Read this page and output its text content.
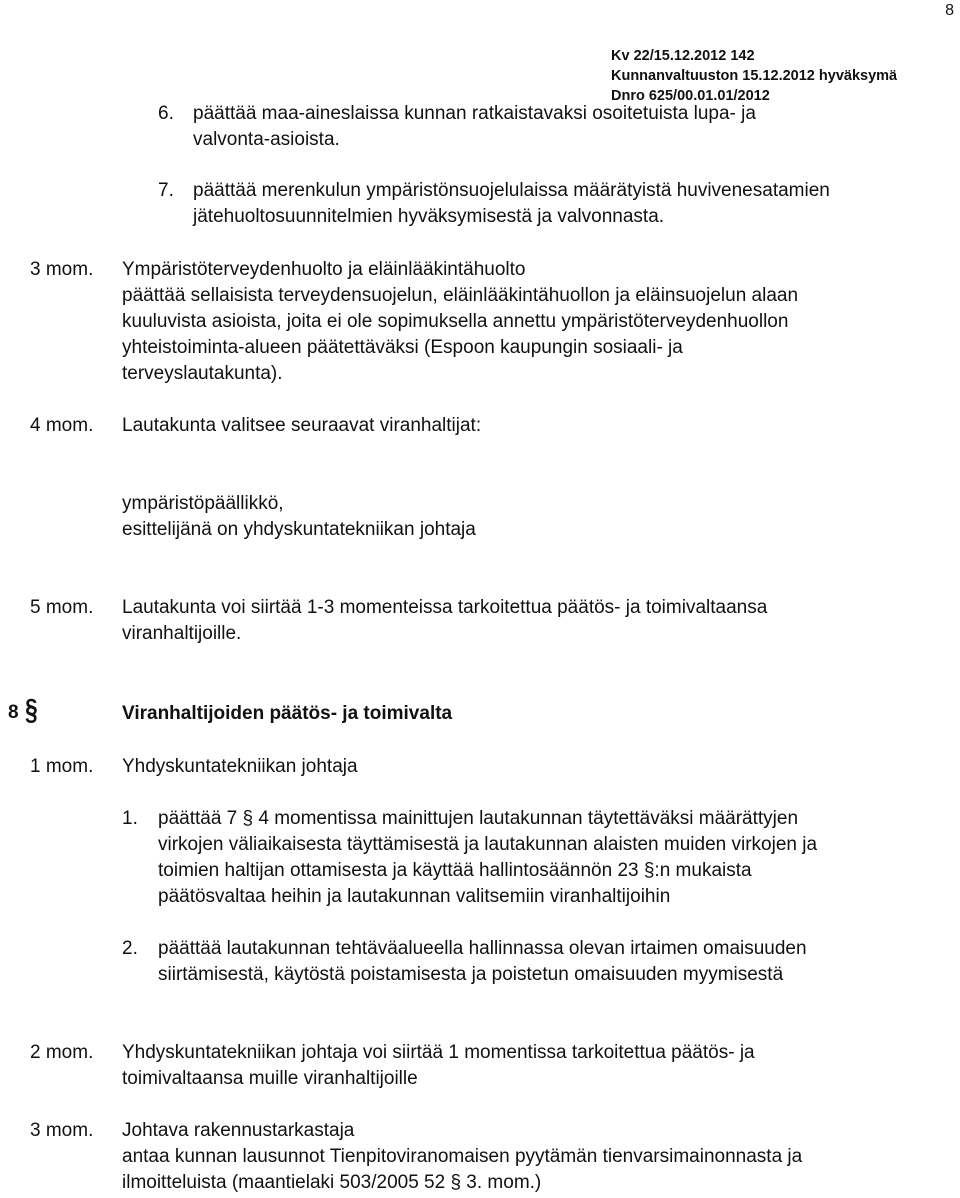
8
Kv 22/15.12.2012 142
Kunnanvaltuuston 15.12.2012 hyväksymä
Dnro 625/00.01.01/2012
6. päättää maa-aineslaissa kunnan ratkaistavaksi osoitetuista lupa- ja
valvonta-asioista.
7. päättää merenkulun ympäristönsuojelulaissa määrätyistä huvivenesatamien
jätehuoltosuunnitelmien hyväksymisestä ja valvonnasta.
3 mom. Ympäristöterveydenhuolto ja eläinlääkintähuolto
päättää sellaisista terveydensuojelun, eläinlääkintähuollon ja eläinsuojelun alaan
kuuluvista asioista, joita ei ole sopimuksella annettu ympäristöterveydenhuollon
yhteistoiminta-alueen päätettäväksi (Espoon kaupungin sosiaali- ja
terveyslautakunta).
4 mom. Lautakunta valitsee seuraavat viranhaltijat:
ympäristöpäällikkö,
esittelijänä on yhdyskuntatekniikan johtaja
5 mom. Lautakunta voi siirtää 1-3 momenteissa tarkoitettua päätös- ja toimivaltaansa
viranhaltijoille.
8 §	Viranhaltijoiden päätös- ja toimivalta
1 mom. Yhdyskuntatekniikan johtaja
1. päättää 7 § 4 momentissa mainittujen lautakunnan täytettäväksi määrättyjen
virkojen väliaikaisesta täyttämisestä ja lautakunnan alaisten muiden virkojen ja
toimien haltijan ottamisesta ja käyttää hallintosäännön 23 §:n mukaista
päätösvaltaa heihin ja lautakunnan valitsemiin viranhaltijoihin
2. päättää lautakunnan tehtäväalueella hallinnassa olevan irtaimen omaisuuden
siirtämisestä, käytöstä poistamisesta ja poistetun omaisuuden myymisestä
2 mom. Yhdyskuntatekniikan johtaja voi siirtää 1 momentissa tarkoitettua päätös- ja
toimivaltaansa muille viranhaltijoille
3 mom. Johtava rakennustarkastaja
antaa kunnan lausunnot Tienpitoviranomaisen pyytämän tienvarsimainonnasta ja
ilmoitteluista (maantielaki 503/2005 52 § 3. mom.)
